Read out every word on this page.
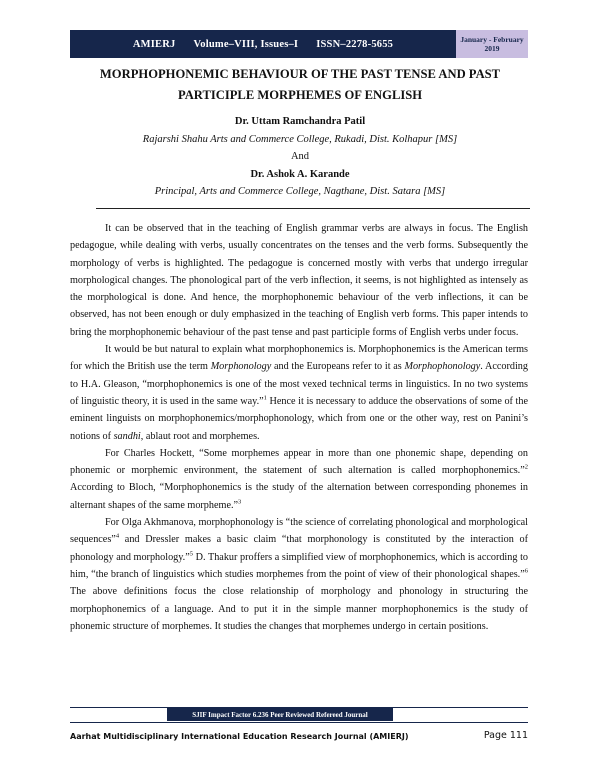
AMIERJ Volume–VIII, Issues–I ISSN–2278-5655	January - February 2019
MORPHOPHONEMIC BEHAVIOUR OF THE PAST TENSE AND PAST
PARTICIPLE MORPHEMES OF ENGLISH
Dr. Uttam Ramchandra Patil
Rajarshi Shahu Arts and Commerce College, Rukadi, Dist. Kolhapur [MS]
And
Dr. Ashok A. Karande
Principal, Arts and Commerce College, Nagthane, Dist. Satara [MS]

It can be observed that in the teaching of English grammar verbs are always in focus. The English pedagogue, while dealing with verbs, usually concentrates on the tenses and the verb forms. Subsequently the morphology of verbs is highlighted. The pedagogue is concerned mostly with verbs that undergo irregular morphological changes. The phonological part of the verb inflection, it seems, is not highlighted as intensely as the morphological is done. And hence, the morphophonemic behaviour of the verb inflections, it can be observed, has not been enough or duly emphasized in the teaching of English verb forms. This paper intends to bring the morphophonemic behaviour of the past tense and past participle forms of English verbs under focus.

It would be but natural to explain what morphophonemics is. Morphophonemics is the American terms for which the British use the term Morphonology and the Europeans refer to it as Morphophonology. According to H.A. Gleason, “morphophonemics is one of the most vexed technical terms in linguistics. In no two systems of linguistic theory, it is used in the same way.”$^1$ Hence it is necessary to adduce the observations of some of the eminent linguists on morphophonemics/morphophonology, which from one or the other way, rest on Panini’s notions of sandhi, ablaut root and morphemes.

For Charles Hockett, “Some morphemes appear in more than one phonemic shape, depending on phonemic or morphemic environment, the statement of such alternation is called morphophonemics.”$^2$ According to Bloch, “Morphophonemics is the study of the alternation between corresponding phonemes in alternant shapes of the same morpheme.”$^3$

For Olga Akhmanova, morphophonology is “the science of correlating phonological and morphological sequences”$^4$ and Dressler makes a basic claim “that morphonology is constituted by the interaction of phonology and morphology.”$^5$ D. Thakur proffers a simplified view of morphophonemics, which is according to him, “the branch of linguistics which studies morphemes from the point of view of their phonological shapes.”$^6$ The above definitions focus the close relationship of morphology and phonology in structuring the morphophonemics of a language. And to put it in the simple manner morphophonemics is the study of phonemic structure of morphemes. It studies the changes that morphemes undergo in certain positions.

SJIF Impact Factor 6.236 Peer Reviewed Refereed Journal
Aarhat Multidisciplinary International Education Research Journal (AMIERJ)	Page 111
